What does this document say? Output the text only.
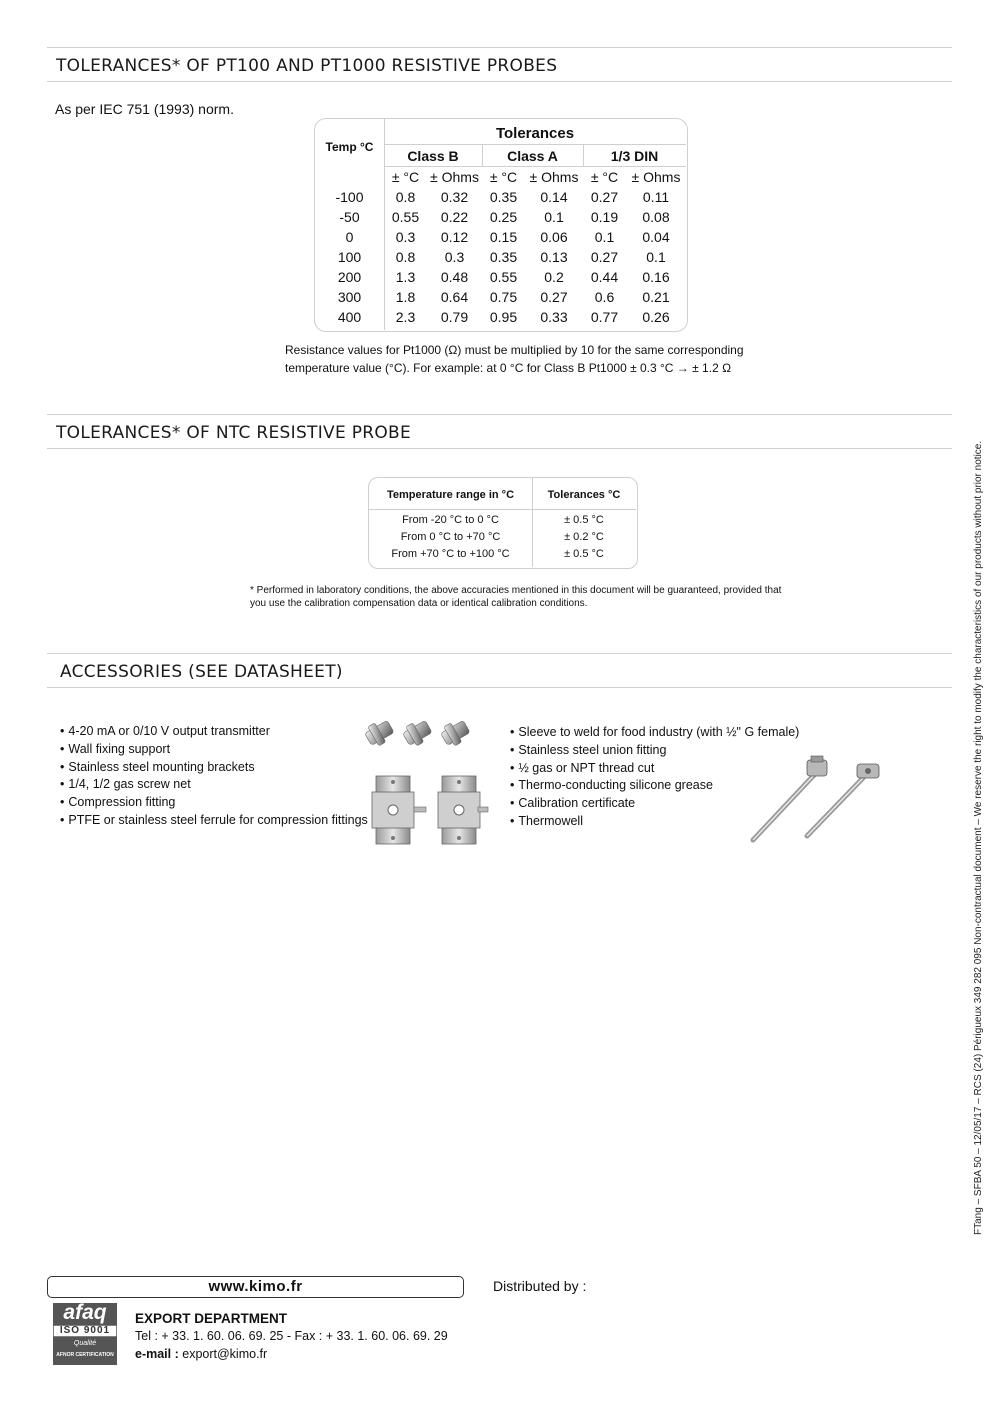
TOLERANCES* OF PT100 AND PT1000 RESISTIVE PROBES
As per IEC 751 (1993) norm.
Temp °C
Tolerances
Class B	Class A	1/3 DIN
± °C ± Ohms ± °C ± Ohms ± °C ± Ohms
-100	0.8	0.32	0.35	0.14	0.27	0.11
-50	0.55	0.22	0.25	0.1	0.19	0.08
0	0.3	0.12	0.15	0.06	0.1	0.04
100	0.8	0.3	0.35	0.13	0.27	0.1
200	1.3	0.48	0.55	0.2	0.44	0.16
300	1.8	0.64	0.75	0.27	0.6	0.21
400	2.3	0.79	0.95	0.33	0.77	0.26
Resistance values for Pt1000 (Ω) must be multiplied by 10 for the same corresponding
temperature value (°C). For example: at 0 °C for Class B Pt1000 ± 0.3 °C → ± 1.2 Ω
TOLERANCES* OF NTC RESISTIVE PROBE
Temperature range in °C	Tolerances °C
From -20 °C to 0 °C	± 0.5 °C
From 0 °C to +70 °C	± 0.2 °C
From +70 °C to +100 °C	± 0.5 °C
* Performed in laboratory conditions, the above accuracies mentioned in this document will be guaranteed, provided that
you use the calibration compensation data or identical calibration conditions.
ACCESSORIES (SEE DATASHEET)
• 4-20 mA or 0/10 V output transmitter
• Wall fixing support
• Stainless steel mounting brackets
• 1/4, 1/2 gas screw net
• Compression fitting
• PTFE or stainless steel ferrule for compression fittings
• Sleeve to weld for food industry (with ½" G female)
• Stainless steel union fitting
• ½ gas or NPT thread cut
• Thermo-conducting silicone grease
• Calibration certificate
• Thermowell	FTang – SFBA 50 – 12/05/17 – RCS (24) Périgueux 349 282 095 Non-contractual document – We reserve the right to modify the characteristics of our products without prior notice.
www.kimo.fr	Distributed by :
afaq
ISO 9001
Qualité
AFNOR CERTIFICATION
EXPORT DEPARTMENT
Tel : + 33. 1. 60. 06. 69. 25 - Fax : + 33. 1. 60. 06. 69. 29
e-mail : export@kimo.fr
